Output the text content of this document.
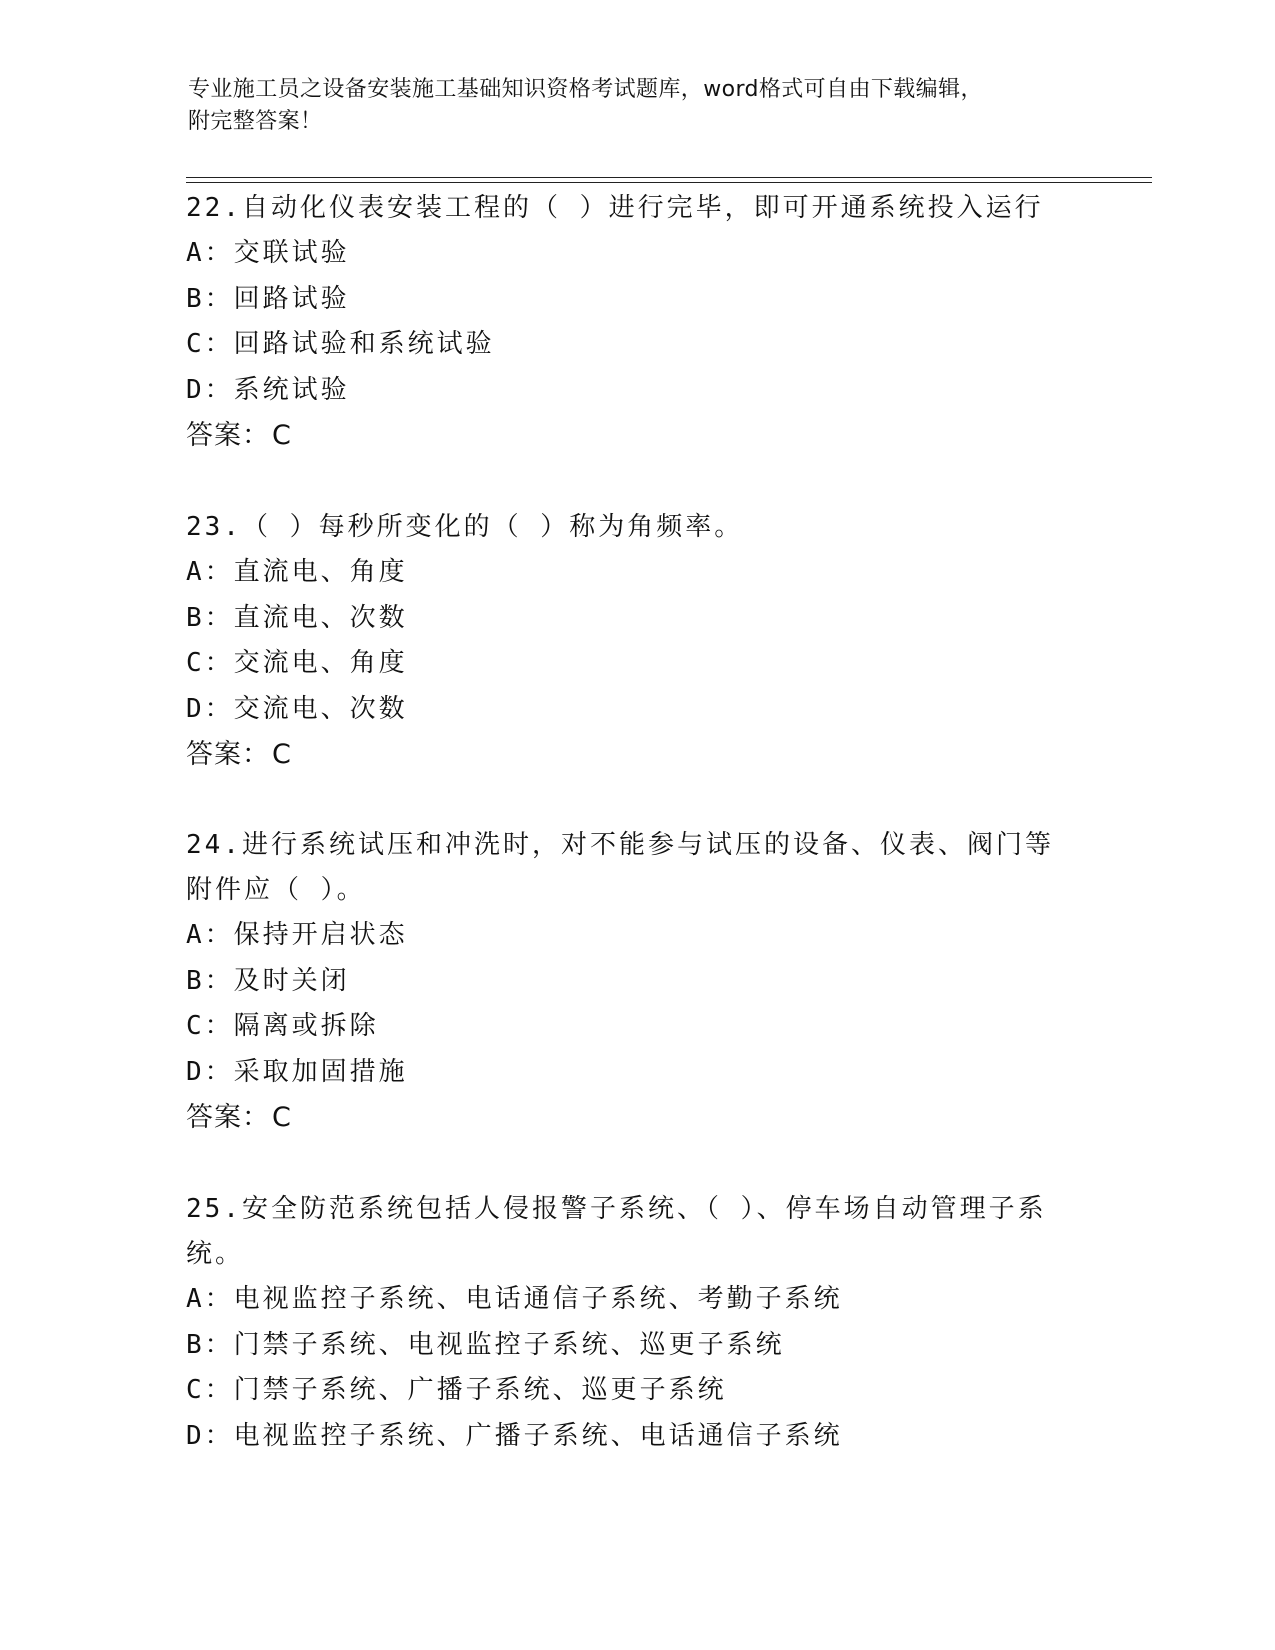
专业施工员之设备安装施工基础知识资格考试题库，word格式可自由下载编辑，
附完整答案！

22.自动化仪表安装工程的（ ）进行完毕，即可开通系统投入运行

A：交联试验

B：回路试验

C：回路试验和系统试验

D：系统试验

答案：C

23.（ ）每秒所变化的（ ）称为角频率。

A：直流电、角度

B：直流电、次数

C：交流电、角度

D：交流电、次数

答案：C

24.进行系统试压和冲洗时，对不能参与试压的设备、仪表、阀门等附件应（ ）。

A：保持开启状态

B：及时关闭

C：隔离或拆除

D：采取加固措施

答案：C

25.安全防范系统包括人侵报警子系统、（ ）、停车场自动管理子系统。

A：电视监控子系统、电话通信子系统、考勤子系统

B：门禁子系统、电视监控子系统、巡更子系统

C：门禁子系统、广播子系统、巡更子系统

D：电视监控子系统、广播子系统、电话通信子系统
